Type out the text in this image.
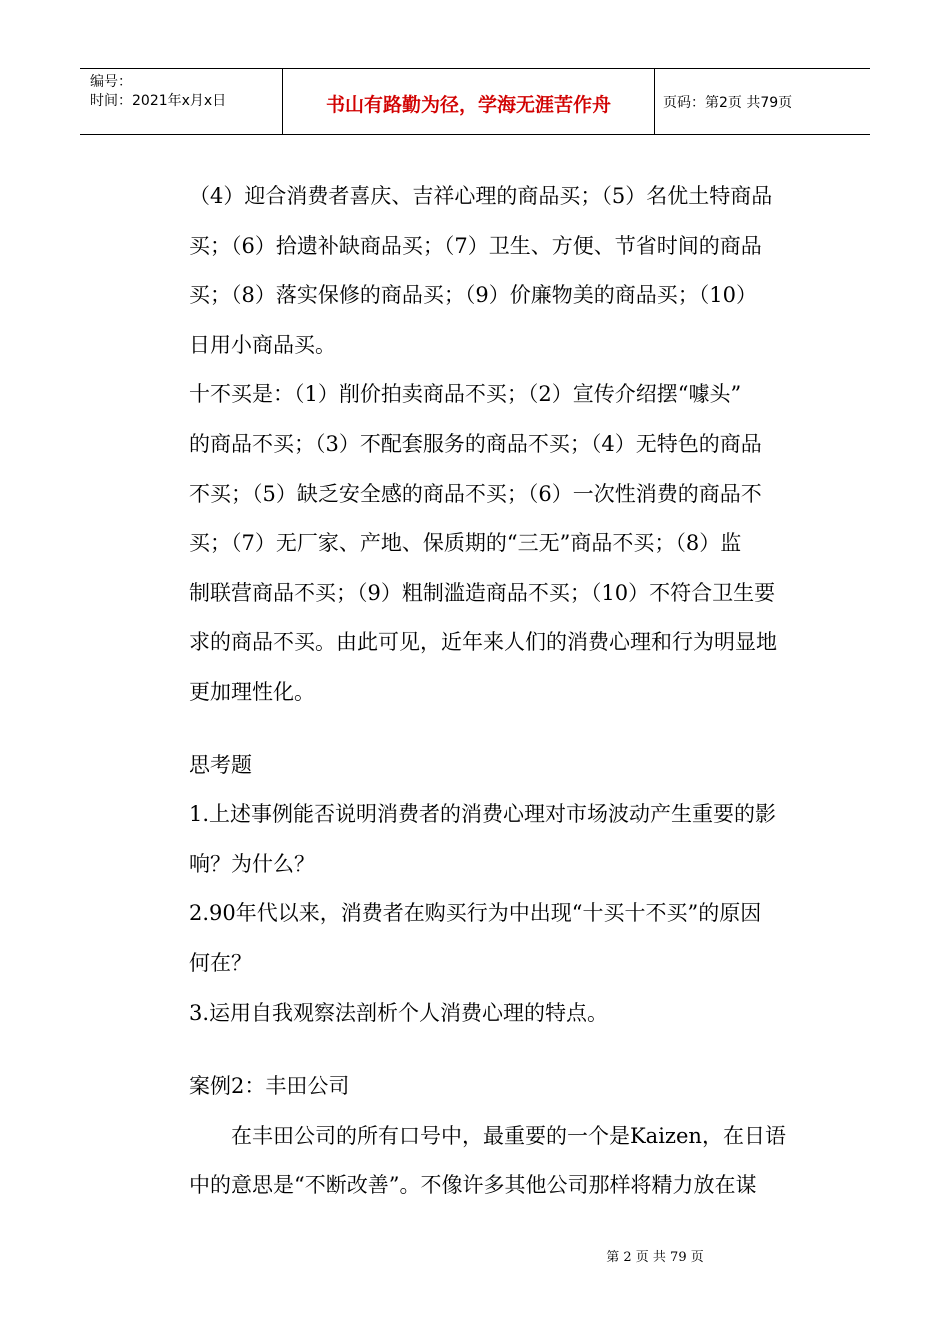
编号：
时间：2021年x月x日	书山有路勤为径，学海无涯苦作舟	页码：第2页 共79页

（4）迎合消费者喜庆、吉祥心理的商品买；（5）名优土特商品

买；（6）拾遗补缺商品买；（7）卫生、方便、节省时间的商品

买；（8）落实保修的商品买；（9）价廉物美的商品买；（10）

日用小商品买。

十不买是：（1）削价拍卖商品不买；（2）宣传介绍摆“噱头”

的商品不买；（3）不配套服务的商品不买；（4）无特色的商品

不买；（5）缺乏安全感的商品不买；（6）一次性消费的商品不

买；（7）无厂家、产地、保质期的“三无”商品不买；（8）监

制联营商品不买；（9）粗制滥造商品不买；（10）不符合卫生要

求的商品不买。由此可见，近年来人们的消费心理和行为明显地

更加理性化。

思考题

1.上述事例能否说明消费者的消费心理对市场波动产生重要的影

响？为什么？

2.90年代以来，消费者在购买行为中出现“十买十不买”的原因

何在？

3.运用自我观察法剖析个人消费心理的特点。

案例2：丰田公司

　　在丰田公司的所有口号中，最重要的一个是Kaizen，在日语

中的意思是“不断改善”。不像许多其他公司那样将精力放在谋

第 2 页 共 79 页
